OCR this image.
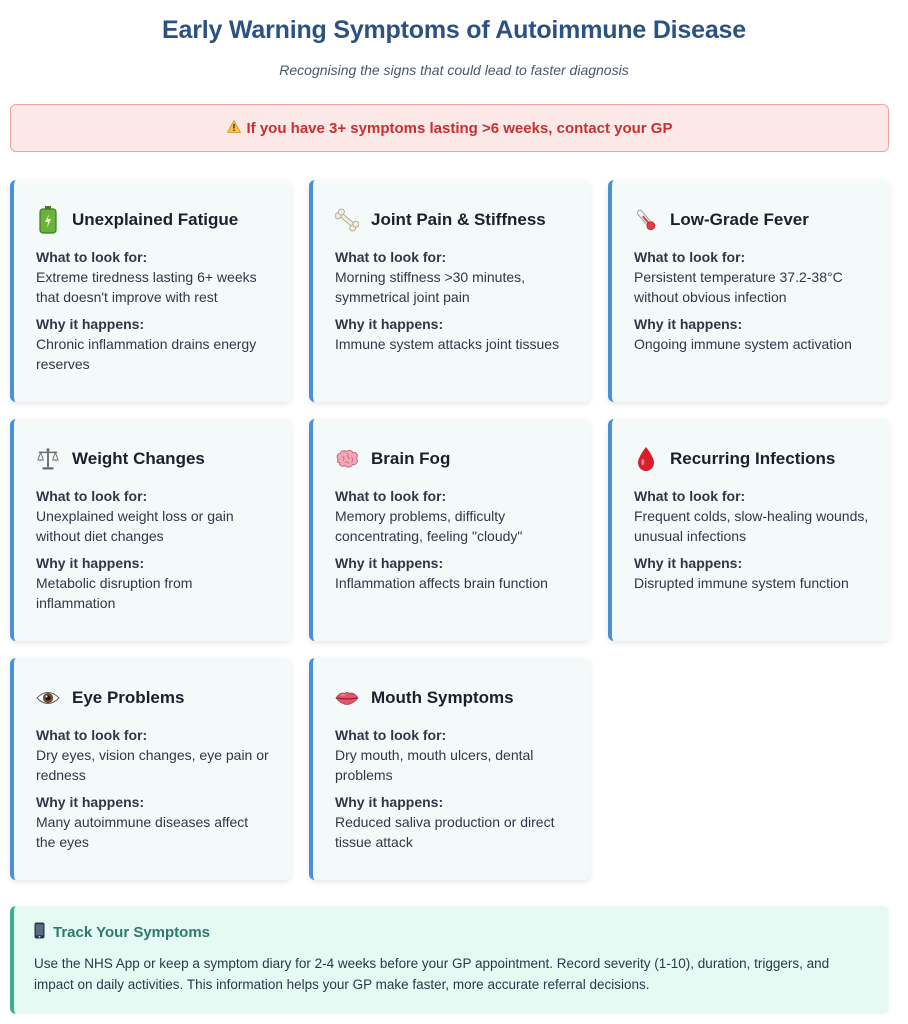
Early Warning Symptoms of Autoimmune Disease

Recognising the signs that could lead to faster diagnosis

If you have 3+ symptoms lasting >6 weeks, contact your GP
Unexplained Fatigue
What to look for:
Extreme tiredness lasting 6+ weeks that doesn't improve with rest
Why it happens:
Chronic inflammation drains energy reserves
Joint Pain & Stiffness
What to look for:
Morning stiffness >30 minutes, symmetrical joint pain
Why it happens:
Immune system attacks joint tissues
Low-Grade Fever
What to look for:
Persistent temperature 37.2-38°C without obvious infection
Why it happens:
Ongoing immune system activation
Weight Changes
What to look for:
Unexplained weight loss or gain without diet changes
Why it happens:
Metabolic disruption from inflammation
Brain Fog
What to look for:
Memory problems, difficulty concentrating, feeling "cloudy"
Why it happens:
Inflammation affects brain function
Recurring Infections
What to look for:
Frequent colds, slow-healing wounds, unusual infections
Why it happens:
Disrupted immune system function
Eye Problems
What to look for:
Dry eyes, vision changes, eye pain or redness
Why it happens:
Many autoimmune diseases affect the eyes
Mouth Symptoms
What to look for:
Dry mouth, mouth ulcers, dental problems
Why it happens:
Reduced saliva production or direct tissue attack
Track Your Symptoms

Use the NHS App or keep a symptom diary for 2-4 weeks before your GP appointment. Record severity (1-10), duration, triggers, and impact on daily activities. This information helps your GP make faster, more accurate referral decisions.
